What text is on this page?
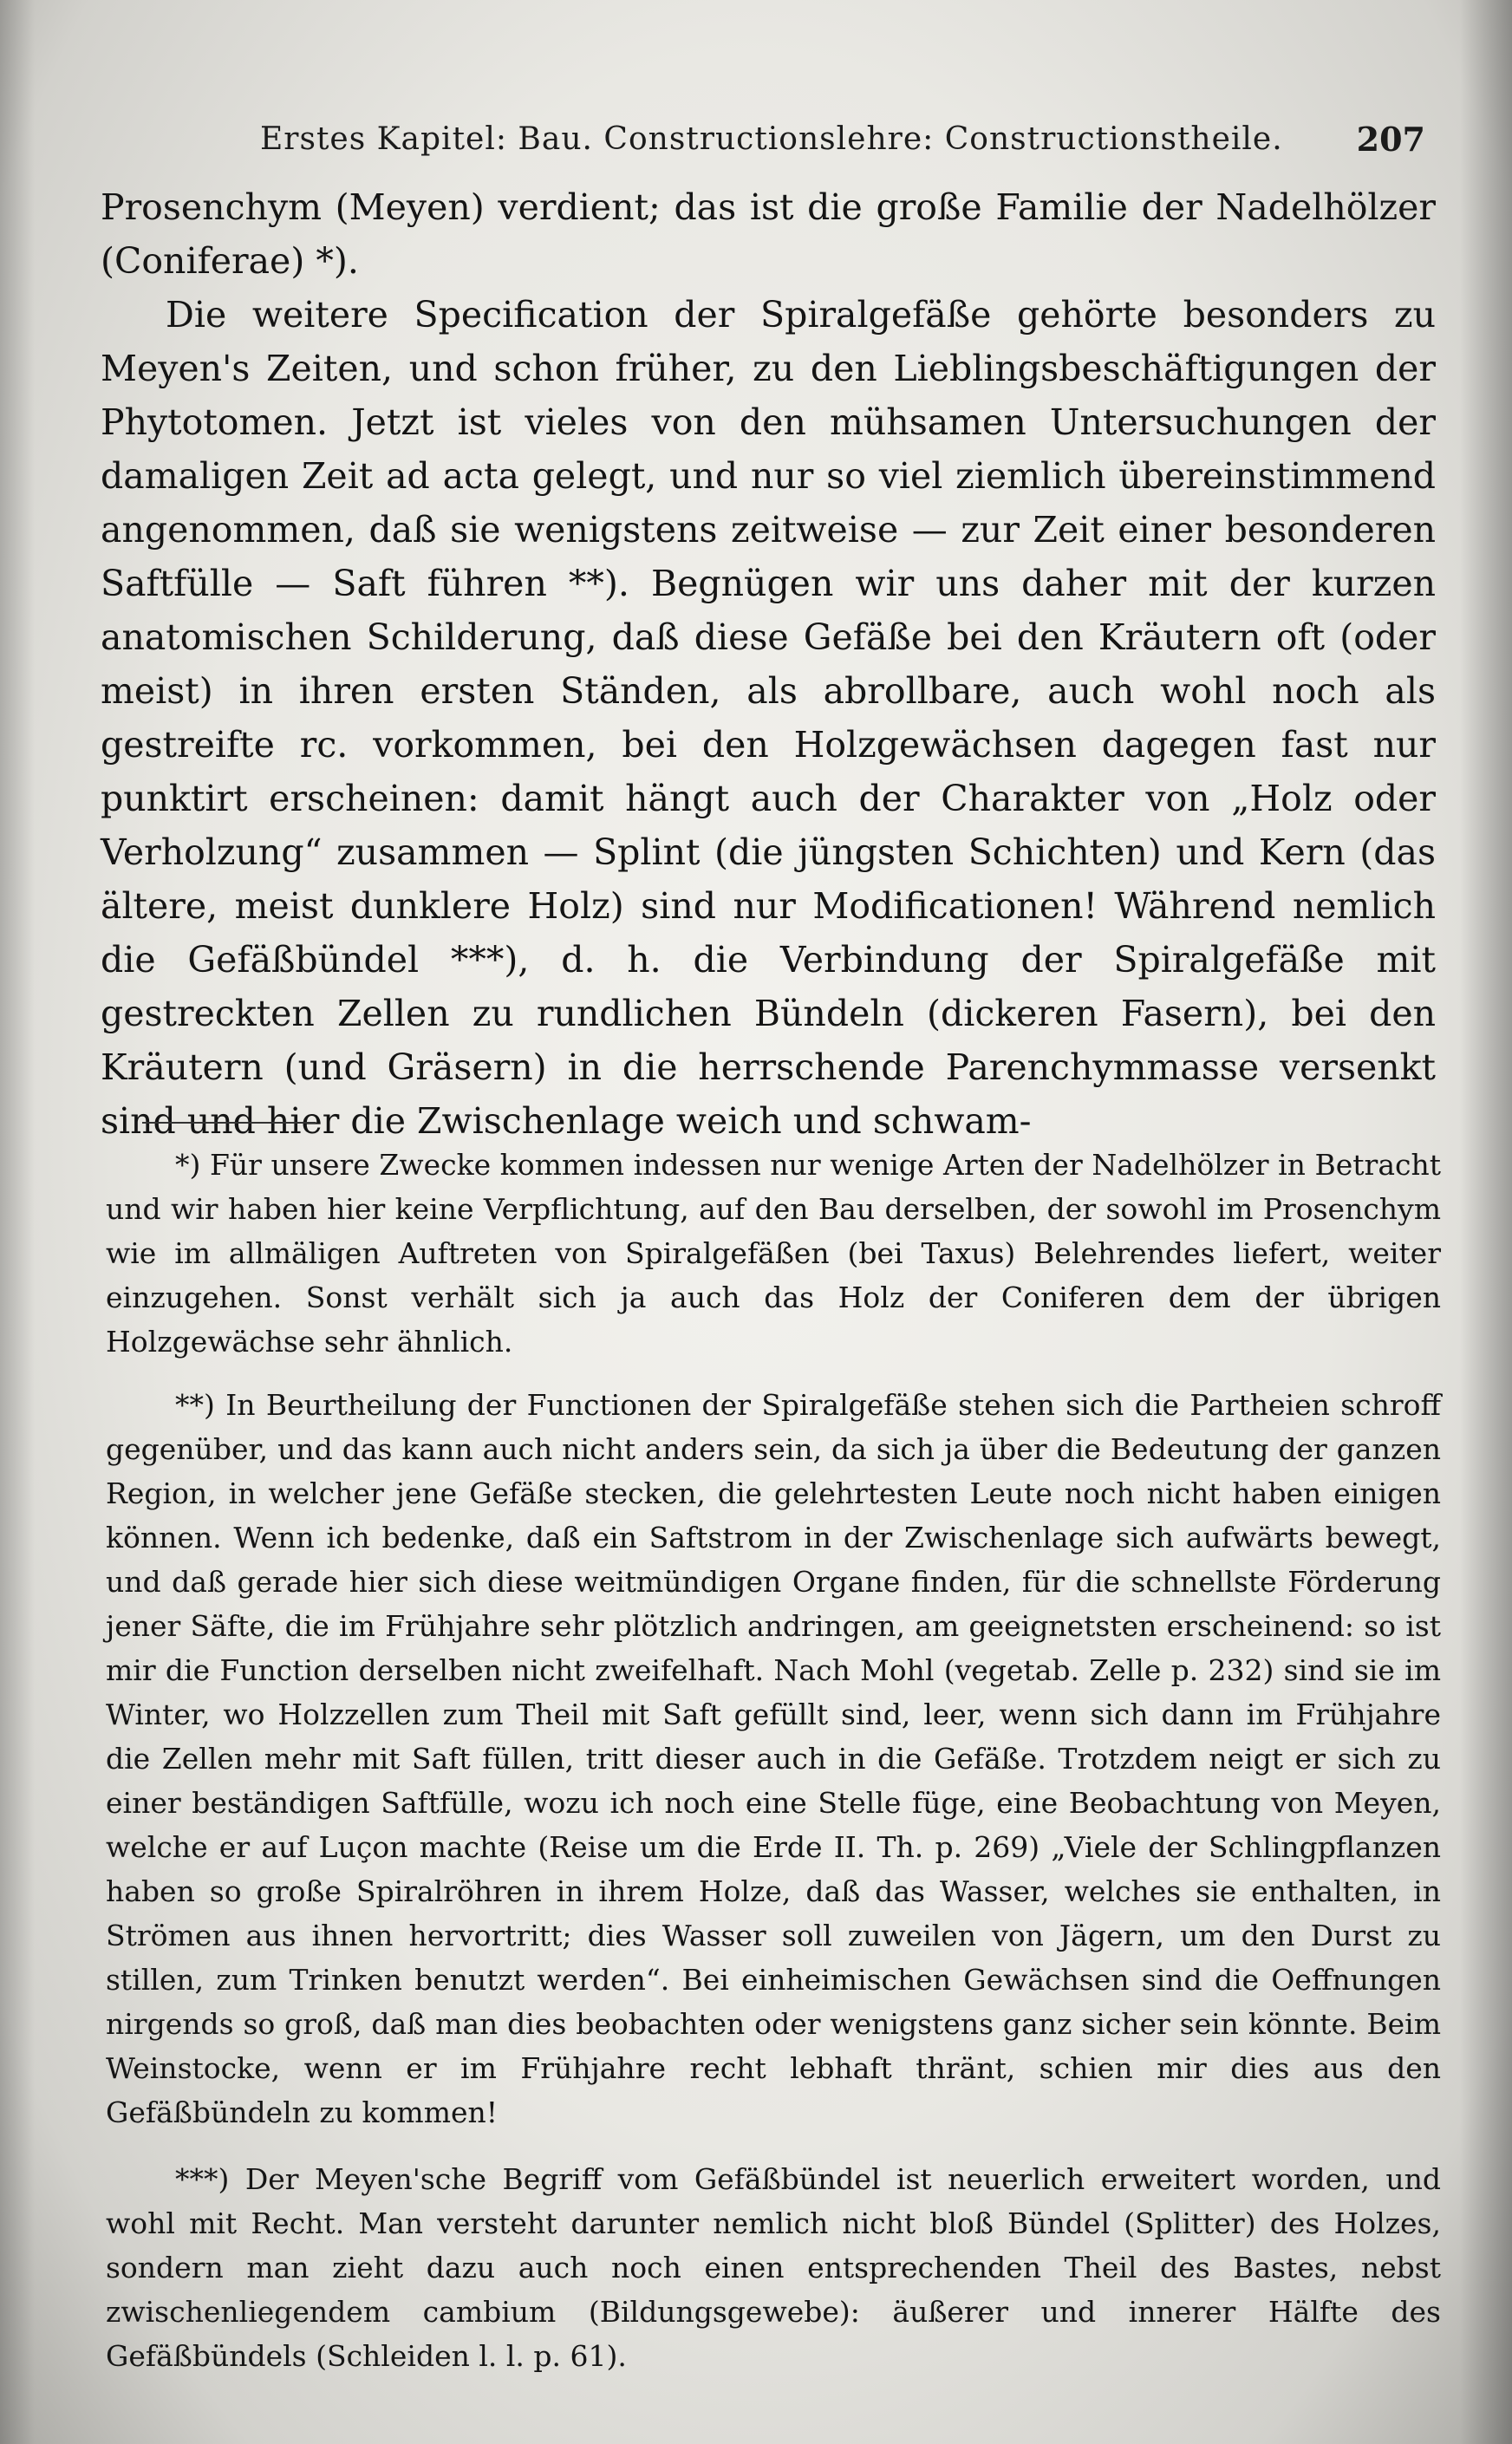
Erstes Kapitel: Bau. Constructionslehre: Constructionstheile. 207

Prosenchym (Meyen) verdient; das ist die große Familie der Nadelhölzer (Coniferae) *).

Die weitere Specification der Spiralgefäße gehörte besonders zu Meyen's Zeiten, und schon früher, zu den Lieblingsbeschäftigungen der Phytotomen. Jetzt ist vieles von den mühsamen Untersuchungen der damaligen Zeit ad acta gelegt, und nur so viel ziemlich übereinstimmend angenommen, daß sie wenigstens zeitweise — zur Zeit einer besonderen Saftfülle — Saft führen **). Begnügen wir uns daher mit der kurzen anatomischen Schilderung, daß diese Gefäße bei den Kräutern oft (oder meist) in ihren ersten Ständen, als abrollbare, auch wohl noch als gestreifte rc. vorkommen, bei den Holzgewächsen dagegen fast nur punktirt erscheinen: damit hängt auch der Charakter von „Holz oder Verholzung“ zusammen — Splint (die jüngsten Schichten) und Kern (das ältere, meist dunklere Holz) sind nur Modificationen! Während nemlich die Gefäßbündel ***), d. h. die Verbindung der Spiralgefäße mit gestreckten Zellen zu rundlichen Bündeln (dickeren Fasern), bei den Kräutern (und Gräsern) in die herrschende Parenchymmasse versenkt sind und hier die Zwischenlage weich und schwam-

*) Für unsere Zwecke kommen indessen nur wenige Arten der Nadelhölzer in Betracht und wir haben hier keine Verpflichtung, auf den Bau derselben, der sowohl im Prosenchym wie im allmäligen Auftreten von Spiralgefäßen (bei Taxus) Belehrendes liefert, weiter einzugehen. Sonst verhält sich ja auch das Holz der Coniferen dem der übrigen Holzgewächse sehr ähnlich.

**) In Beurtheilung der Functionen der Spiralgefäße stehen sich die Partheien schroff gegenüber, und das kann auch nicht anders sein, da sich ja über die Bedeutung der ganzen Region, in welcher jene Gefäße stecken, die gelehrtesten Leute noch nicht haben einigen können. Wenn ich bedenke, daß ein Saftstrom in der Zwischenlage sich aufwärts bewegt, und daß gerade hier sich diese weitmündigen Organe finden, für die schnellste Förderung jener Säfte, die im Frühjahre sehr plötzlich andringen, am geeignetsten erscheinend: so ist mir die Function derselben nicht zweifelhaft. Nach Mohl (vegetab. Zelle p. 232) sind sie im Winter, wo Holzzellen zum Theil mit Saft gefüllt sind, leer, wenn sich dann im Frühjahre die Zellen mehr mit Saft füllen, tritt dieser auch in die Gefäße. Trotzdem neigt er sich zu einer beständigen Saftfülle, wozu ich noch eine Stelle füge, eine Beobachtung von Meyen, welche er auf Luçon machte (Reise um die Erde II. Th. p. 269) „Viele der Schlingpflanzen haben so große Spiralröhren in ihrem Holze, daß das Wasser, welches sie enthalten, in Strömen aus ihnen hervortritt; dies Wasser soll zuweilen von Jägern, um den Durst zu stillen, zum Trinken benutzt werden“. Bei einheimischen Gewächsen sind die Oeffnungen nirgends so groß, daß man dies beobachten oder wenigstens ganz sicher sein könnte. Beim Weinstocke, wenn er im Frühjahre recht lebhaft thränt, schien mir dies aus den Gefäßbündeln zu kommen!

***) Der Meyen'sche Begriff vom Gefäßbündel ist neuerlich erweitert worden, und wohl mit Recht. Man versteht darunter nemlich nicht bloß Bündel (Splitter) des Holzes, sondern man zieht dazu auch noch einen entsprechenden Theil des Bastes, nebst zwischenliegendem cambium (Bildungsgewebe): äußerer und innerer Hälfte des Gefäßbündels (Schleiden l. l. p. 61).
